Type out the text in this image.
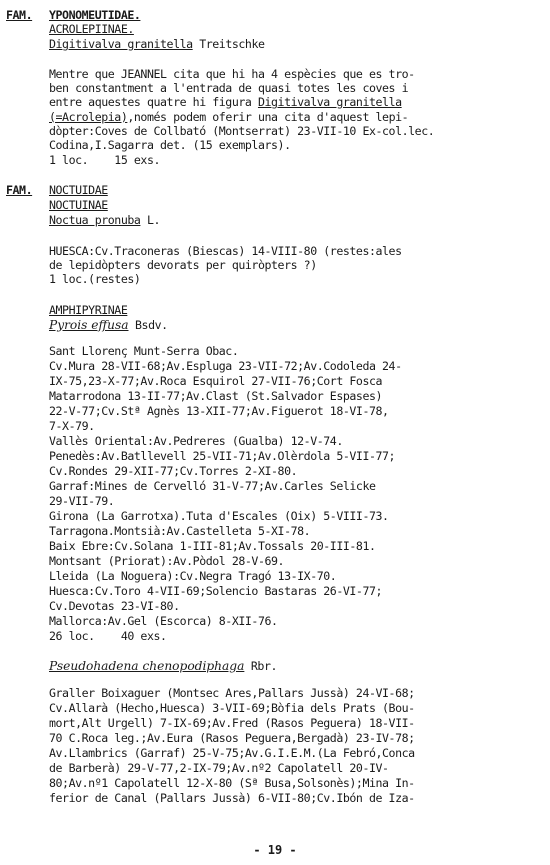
FAM. YPONOMEUTIDAE.
ACROLEPIINAE.
Digitivalva granitella Treitschke
Mentre que JEANNEL cita que hi ha 4 espècies que es tro-
ben constantment a l'entrada de quasi totes les coves i
entre aquestes quatre hi figura Digitivalva granitella
(=Acrolepia),només podem oferir una cita d'aquest lepi-
dòpter:Coves de Collbató (Montserrat) 23-VII-10 Ex-col.lec.
Codina,I.Sagarra det. (15 exemplars).
1 loc.    15 exs.
FAM. NOCTUIDAE
NOCTUINAE
Noctua pronuba L.
HUESCA:Cv.Traconeras (Biescas) 14-VIII-80 (restes:ales
de lepidòpters devorats per quiròpters ?)
1 loc.(restes)
AMPHIPYRINAE
Pyrois effusa Bsdv.
Sant Llorenç Munt-Serra Obac.
Cv.Mura 28-VII-68;Av.Espluga 23-VII-72;Av.Codoleda 24-
IX-75,23-X-77;Av.Roca Esquirol 27-VII-76;Cort Fosca
Matarrodona 13-II-77;Av.Clast (St.Salvador Espases)
22-V-77;Cv.Stª Agnès 13-XII-77;Av.Figuerot 18-VI-78,
7-X-79.
Vallès Oriental:Av.Pedreres (Gualba) 12-V-74.
Penedès:Av.Batllevell 25-VII-71;Av.Olèrdola 5-VII-77;
Cv.Rondes 29-XII-77;Cv.Torres 2-XI-80.
Garraf:Mines de Cervelló 31-V-77;Av.Carles Selicke
29-VII-79.
Girona (La Garrotxa).Tuta d'Escales (Oix) 5-VIII-73.
Tarragona.Montsià:Av.Castelleta 5-XI-78.
Baix Ebre:Cv.Solana 1-III-81;Av.Tossals 20-III-81.
Montsant (Priorat):Av.Pòdol 28-V-69.
Lleida (La Noguera):Cv.Negra Tragó 13-IX-70.
Huesca:Cv.Toro 4-VII-69;Solencio Bastaras 26-VI-77;
Cv.Devotas 23-VI-80.
Mallorca:Av.Gel (Escorca) 8-XII-76.
26 loc.    40 exs.
Pseudohadena chenopodiphaga Rbr.
Graller Boixaguer (Montsec Ares,Pallars Jussà) 24-VI-68;
Cv.Allarà (Hecho,Huesca) 3-VII-69;Bòfia dels Prats (Bou-
mort,Alt Urgell) 7-IX-69;Av.Fred (Rasos Peguera) 18-VII-
70 C.Roca leg.;Av.Eura (Rasos Peguera,Bergadà) 23-IV-78;
Av.Llambrics (Garraf) 25-V-75;Av.G.I.E.M.(La Febró,Conca
de Barberà) 29-V-77,2-IX-79;Av.nº2 Capolatell 20-IV-
80;Av.nº1 Capolatell 12-X-80 (Sª Busa,Solsonès);Mina In-
ferior de Canal (Pallars Jussà) 6-VII-80;Cv.Ibón de Iza-
- 19 -
